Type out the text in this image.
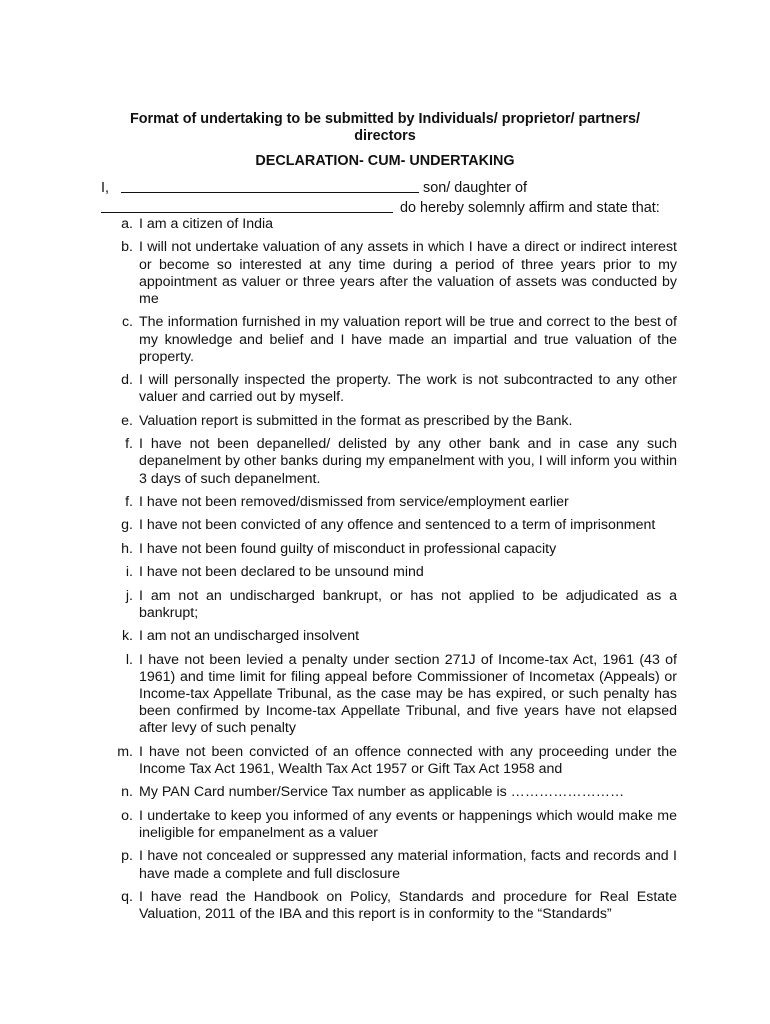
Format of undertaking to be submitted by Individuals/ proprietor/ partners/ directors
DECLARATION- CUM- UNDERTAKING
I,	son/ daughter of
do hereby solemnly affirm and state that:
a. I am a citizen of India
b. I will not undertake valuation of any assets in which I have a direct or indirect interest or become so interested at any time during a period of three years prior to my appointment as valuer or three years after the valuation of assets was conducted by me
c. The information furnished in my valuation report will be true and correct to the best of my knowledge and belief and I have made an impartial and true valuation of the property.
d. I will personally inspected the property. The work is not subcontracted to any other valuer and carried out by myself.
e. Valuation report is submitted in the format as prescribed by the Bank.
f. I have not been depanelled/ delisted by any other bank and in case any such depanelment by other banks during my empanelment with you, I will inform you within 3 days of such depanelment.
f. I have not been removed/dismissed from service/employment earlier
g. I have not been convicted of any offence and sentenced to a term of imprisonment
h. I have not been found guilty of misconduct in professional capacity
i. I have not been declared to be unsound mind
j. I am not an undischarged bankrupt, or has not applied to be adjudicated as a bankrupt;
k. I am not an undischarged insolvent
l. I have not been levied a penalty under section 271J of Income-tax Act, 1961 (43 of 1961) and time limit for filing appeal before Commissioner of Incometax (Appeals) or Income-tax Appellate Tribunal, as the case may be has expired, or such penalty has been confirmed by Income-tax Appellate Tribunal, and five years have not elapsed after levy of such penalty
m. I have not been convicted of an offence connected with any proceeding under the Income Tax Act 1961, Wealth Tax Act 1957 or Gift Tax Act 1958 and
n. My PAN Card number/Service Tax number as applicable is ……………………
o. I undertake to keep you informed of any events or happenings which would make me ineligible for empanelment as a valuer
p. I have not concealed or suppressed any material information, facts and records and I have made a complete and full disclosure
q. I have read the Handbook on Policy, Standards and procedure for Real Estate Valuation, 2011 of the IBA and this report is in conformity to the “Standards”
